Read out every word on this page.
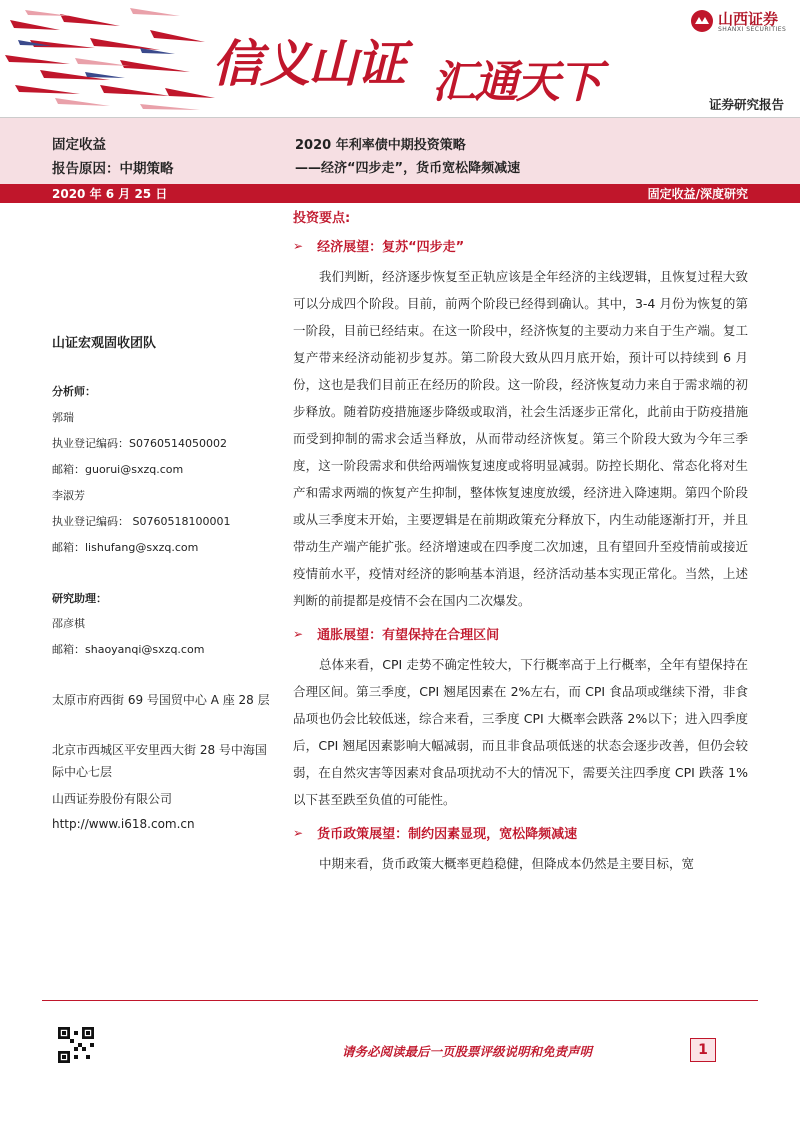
信义山证 汇通天下
山西证券
SHANXI SECURITIES
证券研究报告
固定收益
报告原因：中期策略
2020 年利率债中期投资策略
——经济“四步走”，货币宽松降频减速
2020 年 6 月 25 日	固定收益/深度研究
山证宏观固收团队
分析师：
郭瑞
执业登记编码：S0760514050002
邮箱：guorui@sxzq.com
李淑芳
执业登记编码： S0760518100001
邮箱：lishufang@sxzq.com
研究助理：
邵彦棋
邮箱：shaoyanqi@sxzq.com
太原市府西街 69 号国贸中心 A 座 28 层
北京市西城区平安里西大街 28 号中海国际中心七层
山西证券股份有限公司
http://www.i618.com.cn
投资要点:
➢ 经济展望：复苏“四步走”

我们判断，经济逐步恢复至正轨应该是全年经济的主线逻辑，且恢复过程大致可以分成四个阶段。目前，前两个阶段已经得到确认。其中，3-4 月份为恢复的第一阶段，目前已经结束。在这一阶段中，经济恢复的主要动力来自于生产端。复工复产带来经济动能初步复苏。第二阶段大致从四月底开始，预计可以持续到 6 月份，这也是我们目前正在经历的阶段。这一阶段，经济恢复动力来自于需求端的初步释放。随着防疫措施逐步降级或取消，社会生活逐步正常化，此前由于防疫措施而受到抑制的需求会适当释放，从而带动经济恢复。第三个阶段大致为今年三季度，这一阶段需求和供给两端恢复速度或将明显减弱。防控长期化、常态化将对生产和需求两端的恢复产生抑制，整体恢复速度放缓，经济进入降速期。第四个阶段或从三季度末开始，主要逻辑是在前期政策充分释放下，内生动能逐渐打开，并且带动生产端产能扩张。经济增速或在四季度二次加速，且有望回升至疫情前或接近疫情前水平，疫情对经济的影响基本消退，经济活动基本实现正常化。当然，上述判断的前提都是疫情不会在国内二次爆发。

➢ 通胀展望：有望保持在合理区间

总体来看，CPI 走势不确定性较大，下行概率高于上行概率，全年有望保持在合理区间。第三季度，CPI 翘尾因素在 2%左右，而 CPI 食品项或继续下滑，非食品项也仍会比较低迷，综合来看，三季度 CPI 大概率会跌落 2%以下；进入四季度后，CPI 翘尾因素影响大幅减弱，而且非食品项低迷的状态会逐步改善，但仍会较弱，在自然灾害等因素对食品项扰动不大的情况下，需要关注四季度 CPI 跌落 1%以下甚至跌至负值的可能性。

➢ 货币政策展望：制约因素显现，宽松降频减速

中期来看，货币政策大概率更趋稳健，但降成本仍然是主要目标，宽

请务必阅读最后一页股票评级说明和免责声明	1
